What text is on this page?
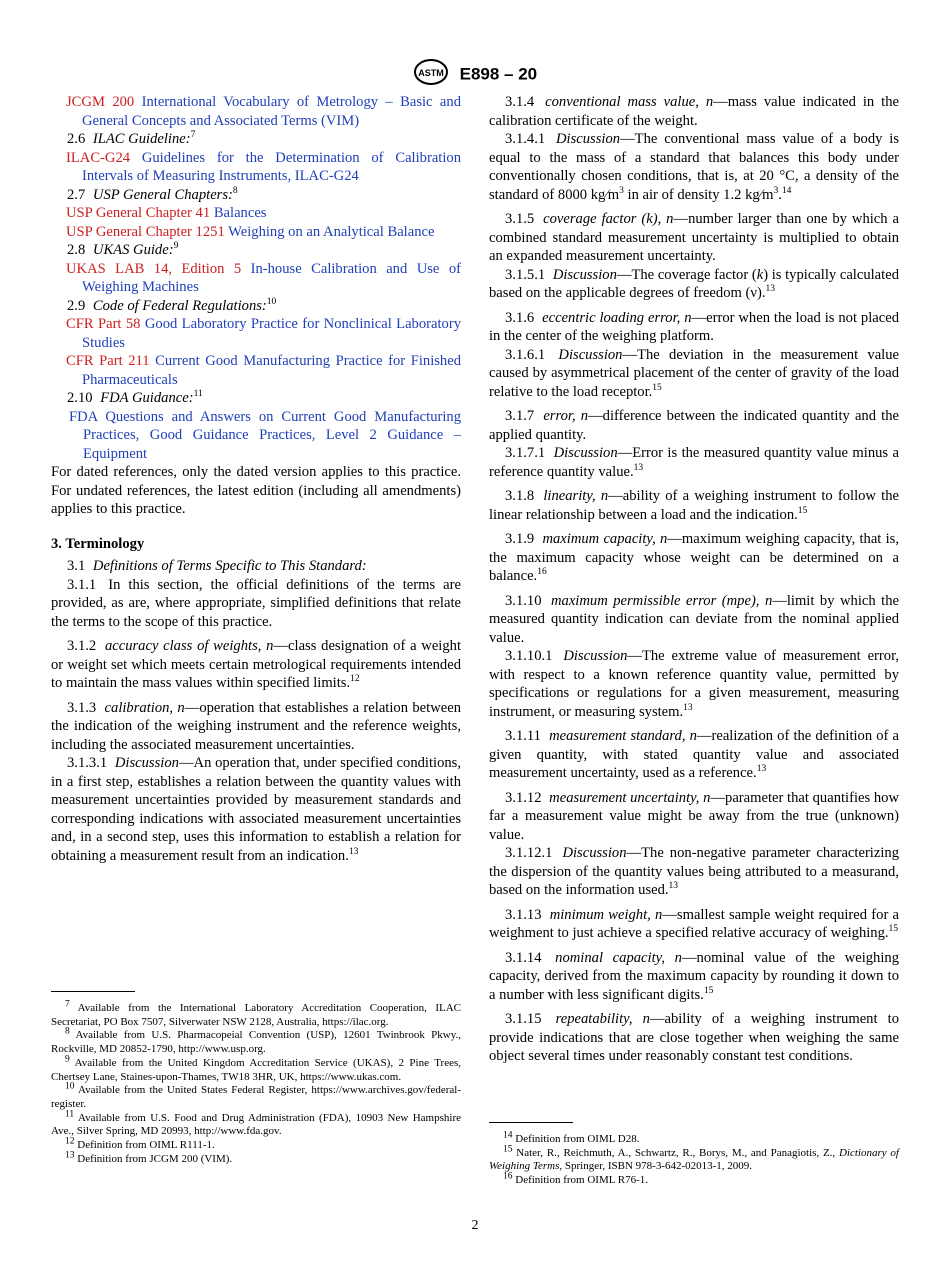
ASTM E898 – 20

JCGM 200 International Vocabulary of Metrology – Basic and General Concepts and Associated Terms (VIM)

2.6 ILAC Guideline:$^7$

ILAC-G24 Guidelines for the Determination of Calibration Intervals of Measuring Instruments, ILAC-G24

2.7 USP General Chapters:$^8$

USP General Chapter 41 Balances

USP General Chapter 1251 Weighing on an Analytical Balance

2.8 UKAS Guide:$^9$

UKAS LAB 14, Edition 5 In-house Calibration and Use of Weighing Machines

2.9 Code of Federal Regulations:$^{10}$

CFR Part 58 Good Laboratory Practice for Nonclinical Laboratory Studies

CFR Part 211 Current Good Manufacturing Practice for Finished Pharmaceuticals

2.10 FDA Guidance:$^{11}$

FDA Questions and Answers on Current Good Manufacturing Practices, Good Guidance Practices, Level 2 Guidance – Equipment

For dated references, only the dated version applies to this practice. For undated references, the latest edition (including all amendments) applies to this practice.

3. Terminology

3.1 Definitions of Terms Specific to This Standard:

3.1.1 In this section, the official definitions of the terms are provided, as are, where appropriate, simplified definitions that relate the terms to the scope of this practice.

3.1.2 accuracy class of weights, n—class designation of a weight or weight set which meets certain metrological requirements intended to maintain the mass values within specified limits.$^{12}$

3.1.3 calibration, n—operation that establishes a relation between the indication of the weighing instrument and the reference weights, including the associated measurement uncertainties.

3.1.3.1 Discussion—An operation that, under specified conditions, in a first step, establishes a relation between the quantity values with measurement uncertainties provided by measurement standards and corresponding indications with associated measurement uncertainties and, in a second step, uses this information to establish a relation for obtaining a measurement result from an indication.$^{13}$

3.1.4 conventional mass value, n—mass value indicated in the calibration certificate of the weight.

3.1.4.1 Discussion—The conventional mass value of a body is equal to the mass of a standard that balances this body under conventionally chosen conditions, that is, at 20 °C, a density of the standard of 8000 $kg⁄m^3$ in air of density 1.2 $kg⁄m^3.^{14}$

3.1.5 coverage factor (k), n—number larger than one by which a combined standard measurement uncertainty is multiplied to obtain an expanded measurement uncertainty.

3.1.5.1 Discussion—The coverage factor (k) is typically calculated based on the applicable degrees of freedom (ν).$^{13}$

3.1.6 eccentric loading error, n—error when the load is not placed in the center of the weighing platform.

3.1.6.1 Discussion—The deviation in the measurement value caused by asymmetrical placement of the center of gravity of the load relative to the load receptor.$^{15}$

3.1.7 error, n—difference between the indicated quantity and the applied quantity.

3.1.7.1 Discussion—Error is the measured quantity value minus a reference quantity value.$^{13}$

3.1.8 linearity, n—ability of a weighing instrument to follow the linear relationship between a load and the indication.$^{15}$

3.1.9 maximum capacity, n—maximum weighing capacity, that is, the maximum capacity whose weight can be determined on a balance.$^{16}$

3.1.10 maximum permissible error (mpe), n—limit by which the measured quantity indication can deviate from the nominal applied value.

3.1.10.1 Discussion—The extreme value of measurement error, with respect to a known reference quantity value, permitted by specifications or regulations for a given measurement, measuring instrument, or measuring system.$^{13}$

3.1.11 measurement standard, n—realization of the definition of a given quantity, with stated quantity value and associated measurement uncertainty, used as a reference.$^{13}$

3.1.12 measurement uncertainty, n—parameter that quantifies how far a measurement value might be away from the true (unknown) value.

3.1.12.1 Discussion—The non-negative parameter characterizing the dispersion of the quantity values being attributed to a measurand, based on the information used.$^{13}$

3.1.13 minimum weight, n—smallest sample weight required for a weighment to just achieve a specified relative accuracy of weighing.$^{15}$

3.1.14 nominal capacity, n—nominal value of the weighing capacity, derived from the maximum capacity by rounding it down to a number with less significant digits.$^{15}$

3.1.15 repeatability, n—ability of a weighing instrument to provide indications that are close together when weighing the same object several times under reasonably constant test conditions.

$^7$ Available from the International Laboratory Accreditation Cooperation, ILAC Secretariat, PO Box 7507, Silverwater NSW 2128, Australia, https://ilac.org.

$^8$ Available from U.S. Pharmacopeial Convention (USP), 12601 Twinbrook Pkwy., Rockville, MD 20852-1790, http://www.usp.org.

$^9$ Available from the United Kingdom Accreditation Service (UKAS), 2 Pine Trees, Chertsey Lane, Staines-upon-Thames, TW18 3HR, UK, https://www.ukas.com.

$^{10}$ Available from the United States Federal Register, https://www.archives.gov/federal-register.

$^{11}$ Available from U.S. Food and Drug Administration (FDA), 10903 New Hampshire Ave., Silver Spring, MD 20993, http://www.fda.gov.

$^{12}$ Definition from OIML R111-1.

$^{13}$ Definition from JCGM 200 (VIM).

$^{14}$ Definition from OIML D28.

$^{15}$ Nater, R., Reichmuth, A., Schwartz, R., Borys, M., and Panagiotis, Z., Dictionary of Weighing Terms, Springer, ISBN 978-3-642-02013-1, 2009.

$^{16}$ Definition from OIML R76-1.

2
